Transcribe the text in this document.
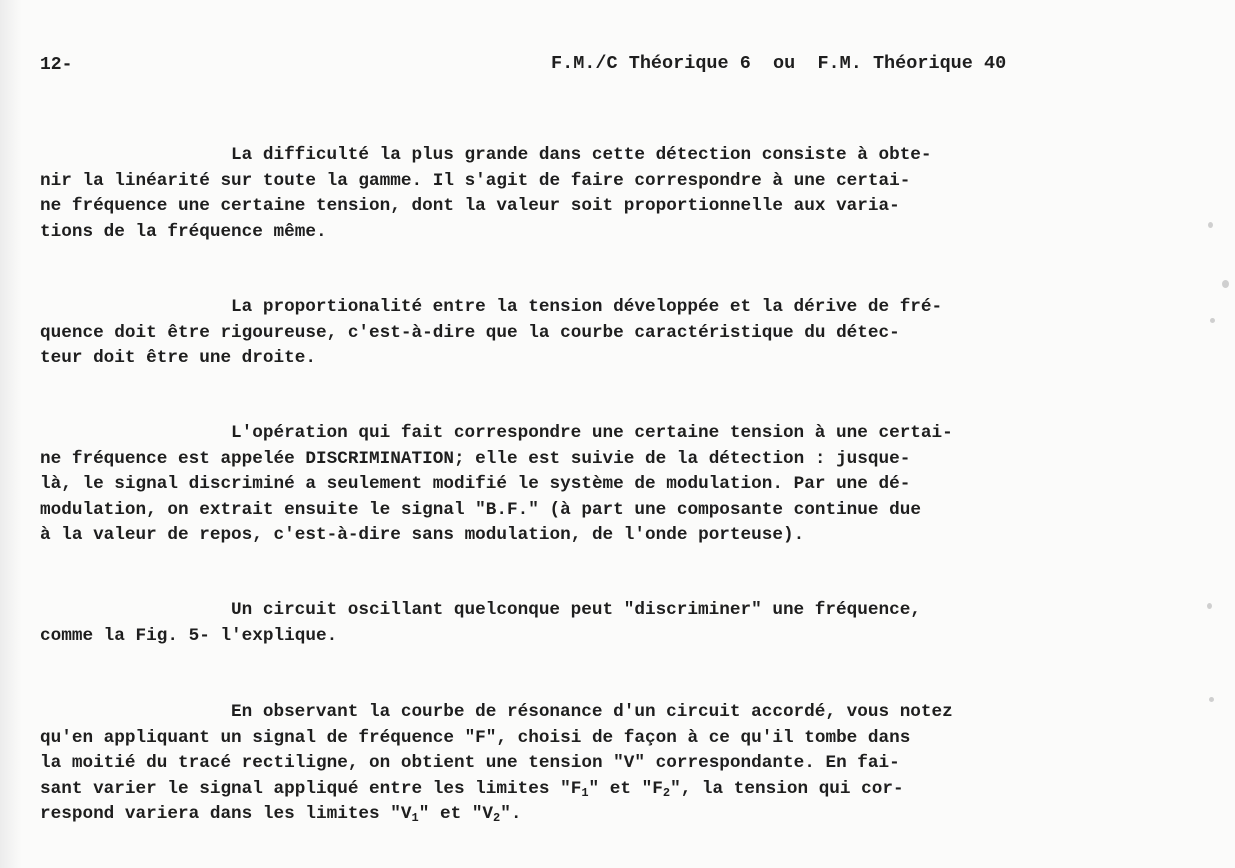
12-	F.M./C Théorique 6  ou  F.M. Théorique 40
La difficulté la plus grande dans cette détection consiste à obte-
nir la linéarité sur toute la gamme. Il s'agit de faire correspondre à une certai-
ne fréquence une certaine tension, dont la valeur soit proportionnelle aux varia-
tions de la fréquence même.
La proportionalité entre la tension développée et la dérive de fré-
quence doit être rigoureuse, c'est-à-dire que la courbe caractéristique du détec-
teur doit être une droite.
L'opération qui fait correspondre une certaine tension à une certai-
ne fréquence est appelée DISCRIMINATION; elle est suivie de la détection : jusque-
là, le signal discriminé a seulement modifié le système de modulation. Par une dé-
modulation, on extrait ensuite le signal "B.F." (à part une composante continue due
à la valeur de repos, c'est-à-dire sans modulation, de l'onde porteuse).
Un circuit oscillant quelconque peut "discriminer" une fréquence,
comme la Fig. 5- l'explique.
En observant la courbe de résonance d'un circuit accordé, vous notez
qu'en appliquant un signal de fréquence "F", choisi de façon à ce qu'il tombe dans
la moitié du tracé rectiligne, on obtient une tension "V" correspondante. En fai-
sant varier le signal appliqué entre les limites "$F_1$" et "$F_2$", la tension qui cor-
respond variera dans les limites "$V_1$" et "$V_2$".
